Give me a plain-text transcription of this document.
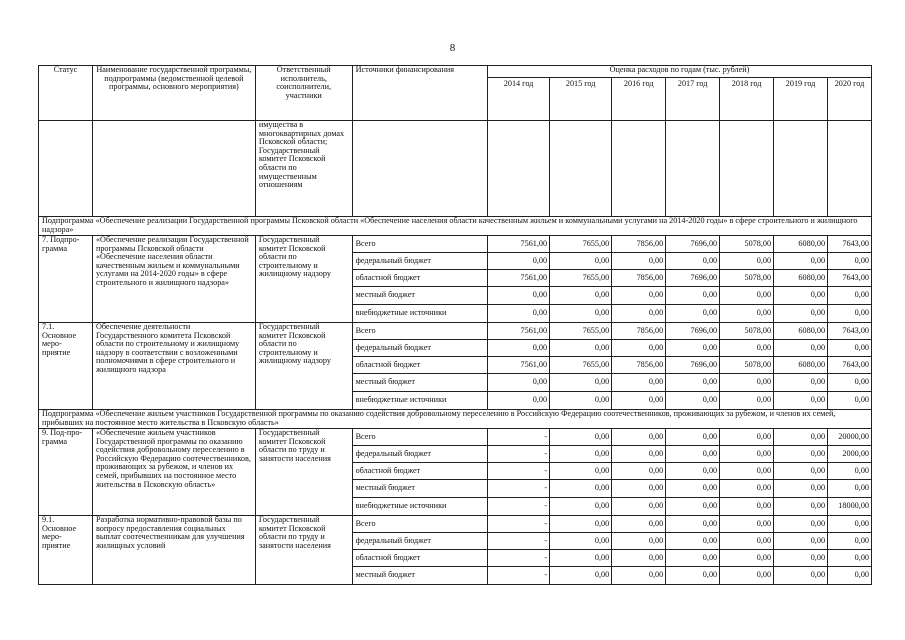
8
Статус	Наименование государственной программы, подпрограммы (ведомственной целевой программы, основного мероприятия)	Ответственный исполнитель, соисполнители, участники	Источники финансирования	Оценка расходов по годам (тыс. рублей)						
				2014 год	2015 год	2016 год	2017 год	2018 год	2019 год	2020 год
		имущества в многоквартирных домах Псковской области; Государственный комитет Псковской области по имущественным отношениям								
Подпрограмма «Обеспечение реализации Государственной программы Псковской области «Обеспечение населения области качественным жильем и коммунальными услугами на 2014-2020 годы» в сфере строительного и жилищного надзора»										
7. Подпро-грамма	«Обеспечение реализации Государственной программы Псковской области «Обеспечение населения области качественным жильем и коммунальными услугами на 2014-2020 годы» в сфере строительного и жилищного надзора»	Государственный комитет Псковской области по строительному и жилищному надзору	Всего	7561,00	7655,00	7856,00	7696,00	5078,00	6080,00	7643,00
			федеральный бюджет	0,00	0,00	0,00	0,00	0,00	0,00	0,00
			областной бюджет	7561,00	7655,00	7856,00	7696,00	5078,00	6080,00	7643,00
			местный бюджет	0,00	0,00	0,00	0,00	0,00	0,00	0,00
			внебюджетные источники	0,00	0,00	0,00	0,00	0,00	0,00	0,00
7.1. Основное меро-приятие	Обеспечение деятельности Государственного комитета Псковской области по строительному и жилищному надзору в соответствии с возложенными полномочиями в сфере строительного и жилищного надзора	Государственный комитет Псковской области по строительному и жилищному надзору	Всего	7561,00	7655,00	7856,00	7696,00	5078,00	6080,00	7643,00
			федеральный бюджет	0,00	0,00	0,00	0,00	0,00	0,00	0,00
			областной бюджет	7561,00	7655,00	7856,00	7696,00	5078,00	6080,00	7643,00
			местный бюджет	0,00	0,00	0,00	0,00	0,00	0,00	0,00
			внебюджетные источники	0,00	0,00	0,00	0,00	0,00	0,00	0,00
Подпрограмма «Обеспечение жильем участников Государственной программы по оказанию содействия добровольному переселению в Российскую Федерацию соотечественников, проживающих за рубежом, и членов их семей, прибывших на постоянное место жительства в Псковскую область»										
9. Под-про-грамма	«Обеспечение жильем участников Государственной программы по оказанию содействия добровольному переселению в Российскую Федерацию соотечественников, проживающих за рубежом, и членов их семей, прибывших на постоянное место жительства в Псковскую область»	Государственный комитет Псковской области по труду и занятости населения	Всего	-	0,00	0,00	0,00	0,00	0,00	20000,00
			федеральный бюджет	-	0,00	0,00	0,00	0,00	0,00	2000,00
			областной бюджет	-	0,00	0,00	0,00	0,00	0,00	0,00
			местный бюджет	-	0,00	0,00	0,00	0,00	0,00	0,00
			внебюджетные источники	-	0,00	0,00	0,00	0,00	0,00	18000,00
9.1. Основное меро-приятие	Разработка нормативно-правовой базы по вопросу предоставления социальных выплат соотечественникам для улучшения жилищных условий	Государственный комитет Псковской области по труду и занятости населения	Всего	-	0,00	0,00	0,00	0,00	0,00	0,00
			федеральный бюджет	-	0,00	0,00	0,00	0,00	0,00	0,00
			областной бюджет	-	0,00	0,00	0,00	0,00	0,00	0,00
			местный бюджет	-	0,00	0,00	0,00	0,00	0,00	0,00
